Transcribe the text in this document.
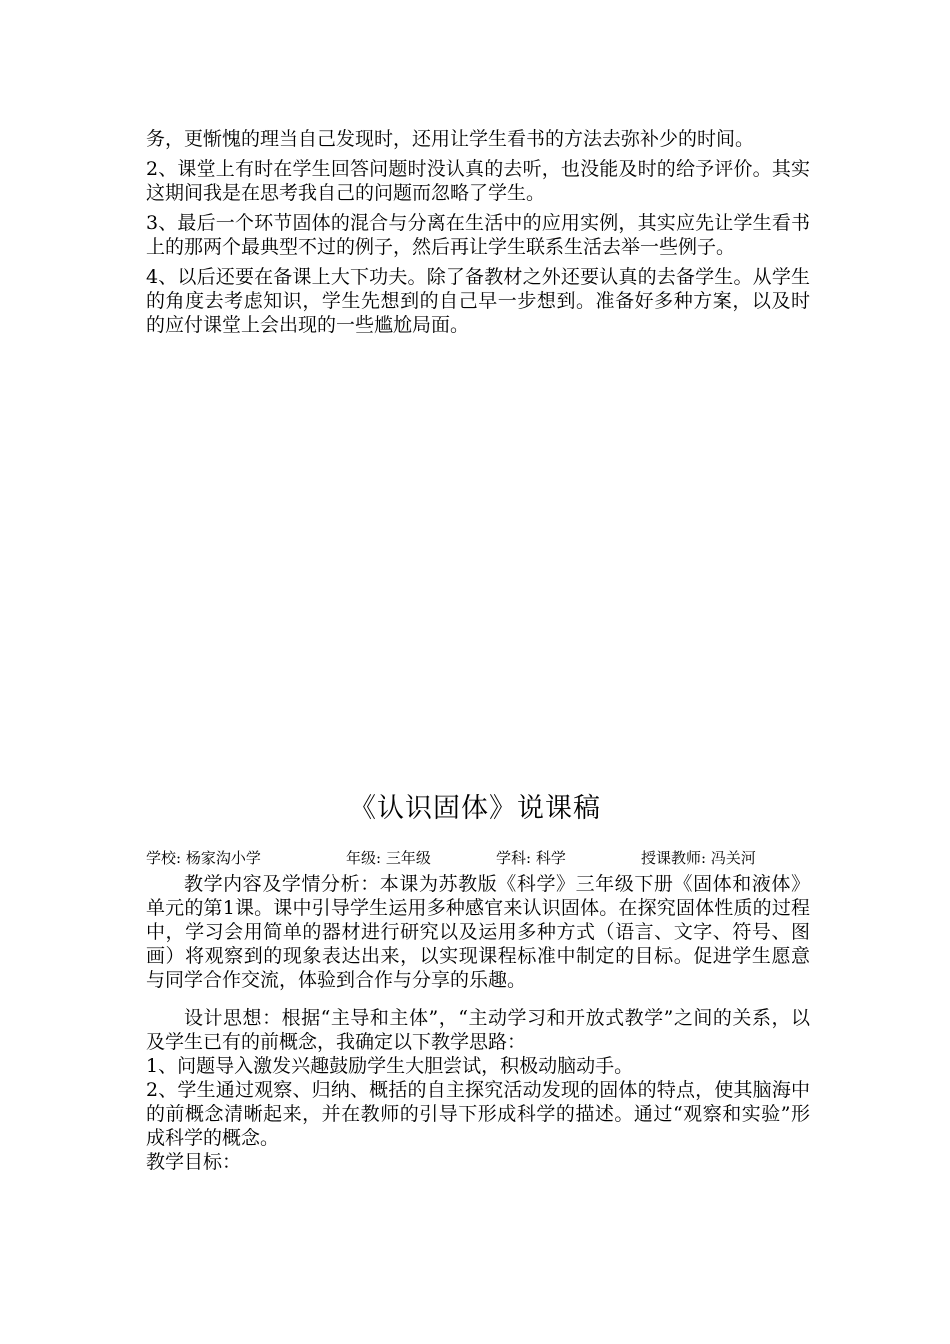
务，更惭愧的理当自己发现时，还用让学生看书的方法去弥补少的时间。

2、课堂上有时在学生回答问题时没认真的去听，也没能及时的给予评价。其实这期间我是在思考我自己的问题而忽略了学生。

3、最后一个环节固体的混合与分离在生活中的应用实例，其实应先让学生看书上的那两个最典型不过的例子，然后再让学生联系生活去举一些例子。

4、以后还要在备课上大下功夫。除了备教材之外还要认真的去备学生。从学生的角度去考虑知识，学生先想到的自己早一步想到。准备好多种方案，以及时的应付课堂上会出现的一些尴尬局面。

《认识固体》说课稿
学校: 杨家沟小学	年级: 三年级	学科: 科学	授课教师: 冯关河

教学内容及学情分析：本课为苏教版《科学》三年级下册《固体和液体》单元的第1课。课中引导学生运用多种感官来认识固体。在探究固体性质的过程中，学习会用简单的器材进行研究以及运用多种方式（语言、文字、符号、图画）将观察到的现象表达出来，以实现课程标准中制定的目标。促进学生愿意与同学合作交流，体验到合作与分享的乐趣。

设计思想：根据“主导和主体”，“主动学习和开放式教学”之间的关系，以及学生已有的前概念，我确定以下教学思路：

1、问题导入激发兴趣鼓励学生大胆尝试，积极动脑动手。

2、学生通过观察、归纳、概括的自主探究活动发现的固体的特点，使其脑海中的前概念清晰起来，并在教师的引导下形成科学的描述。通过“观察和实验”形成科学的概念。

教学目标：
